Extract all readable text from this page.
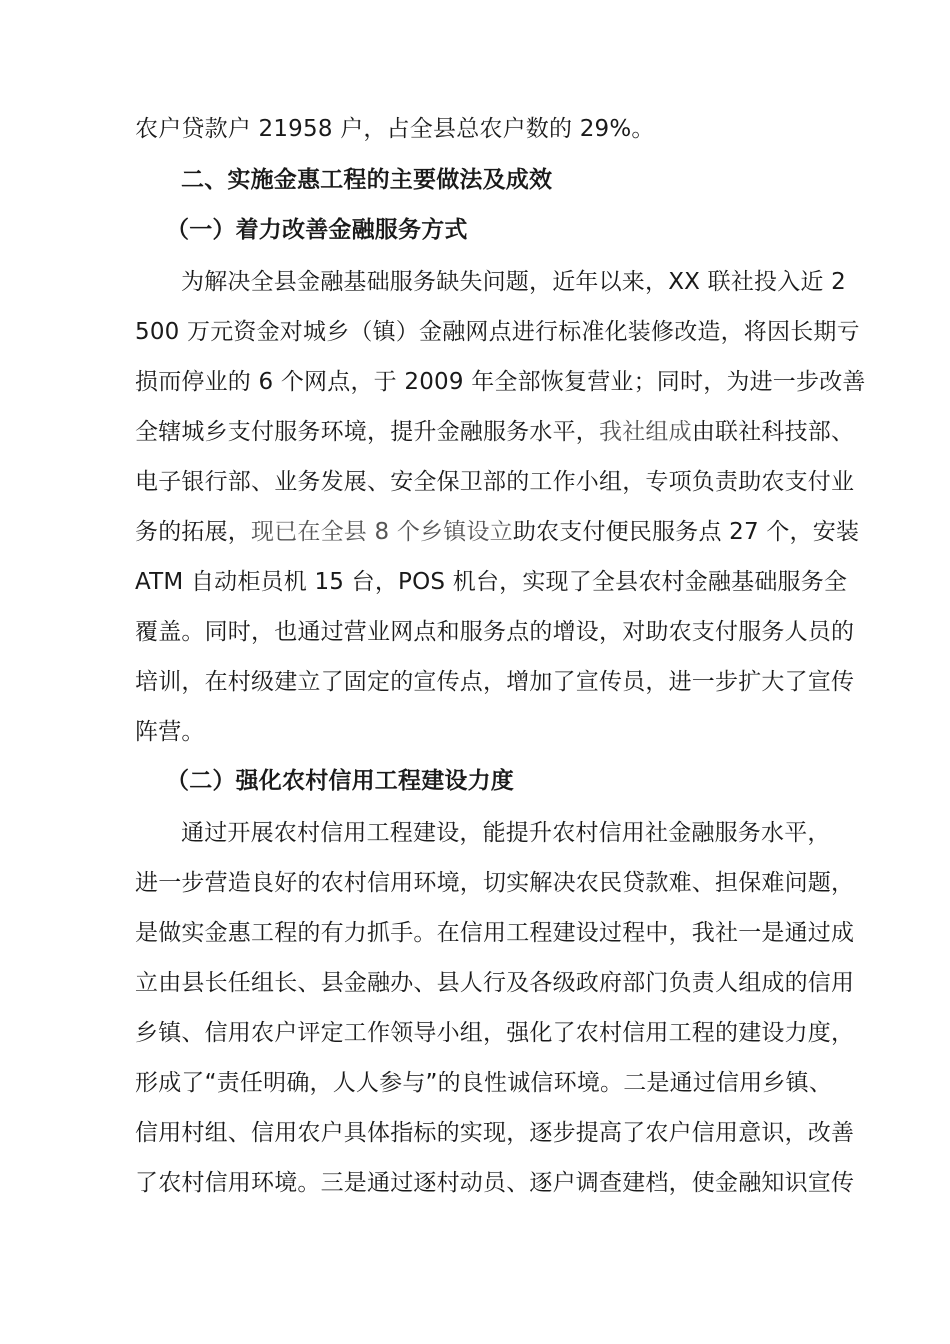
农户贷款户 21958 户，占全县总农户数的 29%。
二、实施金惠工程的主要做法及成效
（一）着力改善金融服务方式
为解决全县金融基础服务缺失问题，近年以来，XX 联社投入近 2
500 万元资金对城乡（镇）金融网点进行标准化装修改造，将因长期亏
损而停业的 6 个网点，于 2009 年全部恢复营业；同时，为进一步改善
全辖城乡支付服务环境，提升金融服务水平，我社组成由联社科技部、
电子银行部、业务发展、安全保卫部的工作小组，专项负责助农支付业
务的拓展，现已在全县 8 个乡镇设立助农支付便民服务点 27 个，安装
ATM 自动柜员机 15 台，POS 机台，实现了全县农村金融基础服务全
覆盖。同时，也通过营业网点和服务点的增设，对助农支付服务人员的
培训，在村级建立了固定的宣传点，增加了宣传员，进一步扩大了宣传
阵营。
（二）强化农村信用工程建设力度
通过开展农村信用工程建设，能提升农村信用社金融服务水平，
进一步营造良好的农村信用环境，切实解决农民贷款难、担保难问题，
是做实金惠工程的有力抓手。在信用工程建设过程中，我社一是通过成
立由县长任组长、县金融办、县人行及各级政府部门负责人组成的信用
乡镇、信用农户评定工作领导小组，强化了农村信用工程的建设力度，
形成了“责任明确，人人参与”的良性诚信环境。二是通过信用乡镇、
信用村组、信用农户具体指标的实现，逐步提高了农户信用意识，改善
了农村信用环境。三是通过逐村动员、逐户调查建档，使金融知识宣传
